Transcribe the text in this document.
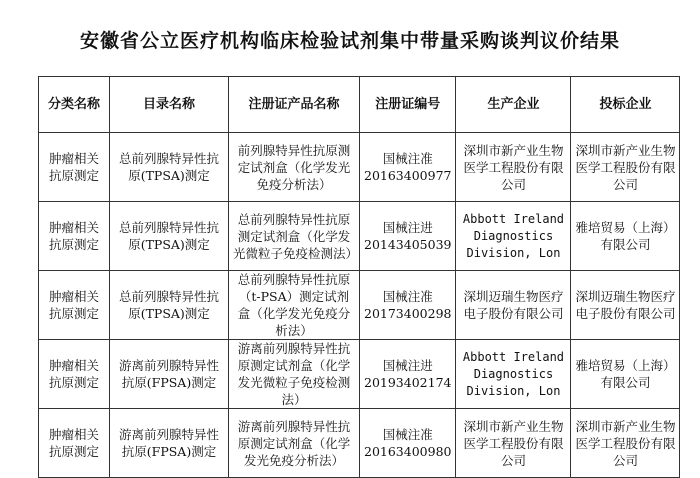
安徽省公立医疗机构临床检验试剂集中带量采购谈判议价结果
分类名称	目录名称	注册证产品名称	注册证编号	生产企业	投标企业
肿瘤相关抗原测定	总前列腺特异性抗原(TPSA)测定	前列腺特异性抗原测定试剂盒（化学发光免疫分析法）	国械注准20163400977	深圳市新产业生物医学工程股份有限公司	深圳市新产业生物医学工程股份有限公司
肿瘤相关抗原测定	总前列腺特异性抗原(TPSA)测定	总前列腺特异性抗原测定试剂盒（化学发光微粒子免疫检测法）	国械注进20143405039	Abbott Ireland Diagnostics Division, Lon	雅培贸易（上海）有限公司
肿瘤相关抗原测定	总前列腺特异性抗原(TPSA)测定	总前列腺特异性抗原（t-PSA）测定试剂盒（化学发光免疫分析法）	国械注准20173400298	深圳迈瑞生物医疗电子股份有限公司	深圳迈瑞生物医疗电子股份有限公司
肿瘤相关抗原测定	游离前列腺特异性抗原(FPSA)测定	游离前列腺特异性抗原测定试剂盒（化学发光微粒子免疫检测法）	国械注进20193402174	Abbott Ireland Diagnostics Division, Lon	雅培贸易（上海）有限公司
肿瘤相关抗原测定	游离前列腺特异性抗原(FPSA)测定	游离前列腺特异性抗原测定试剂盒（化学发光免疫分析法）	国械注准20163400980	深圳市新产业生物医学工程股份有限公司	深圳市新产业生物医学工程股份有限公司
